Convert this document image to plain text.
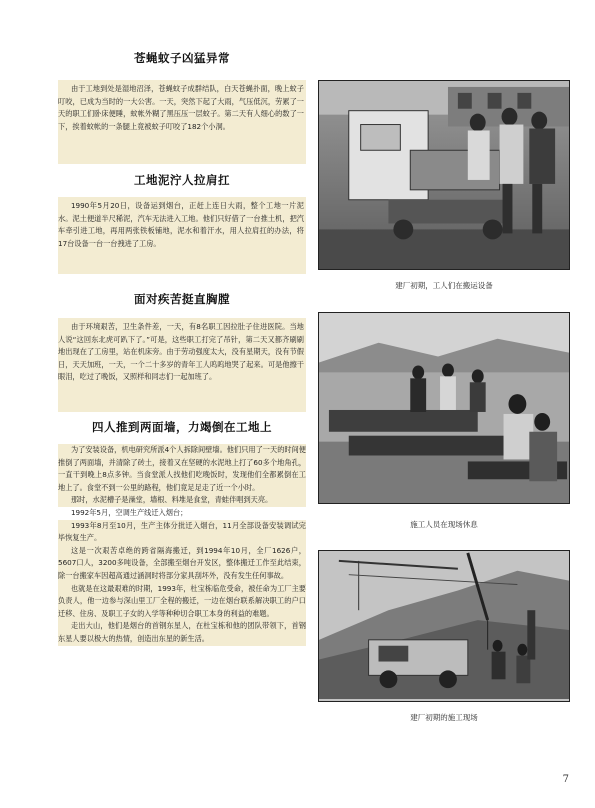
苍蝇蚊子凶猛异常

由于工地到处是湿地沼泽，苍蝇蚊子成群结队，白天苍蝇扑面，晚上蚊子叮咬，已成为当时的一大公害。一天，突然下起了大雨，气压低沉，劳累了一天的职工们卧床便睡，蚊帐外糊了黑压压一层蚊子。第二天有人细心的数了一下，挨着蚊帐的一条腿上竟被蚊子叮咬了182个小洞。

工地泥泞人拉肩扛

1990年5月20日，设备运到烟台，正赶上连日大雨，整个工地一片泥水。泥土便道半尺稀泥，汽车无法进入工地。他们只好借了一台推土机，把汽车牵引进工地，再用两张铁板铺地，泥水和着汗水，用人拉肩扛的办法，将17台设备一台一台拽进了工房。

面对疾苦挺直胸膛

由于环境艰苦，卫生条件差，一天，有8名职工因拉肚子住进医院。当地人说“这回东北虎可趴下了。”可是，这些职工打完了吊针，第二天又都齐刷刷地出现在了工房里，站在机床旁。由于劳动强度太大，没有星期天，没有节假日，天天加班，一天，一个二十多岁的青年工人呜呜地哭了起来。可是他擦干眼泪，吃过了晚饭，又照样和同志们一起加班了。

四人推到两面墙，力竭倒在工地上

为了安装设备，机电研究所派4个人拆除间壁墙。他们只用了一天的时间便推倒了两面墙，并清除了砖土，接着又在坚硬的水泥地上打了60多个地角孔，一直干到晚上8点多钟。当食堂派人找他们吃晚饭时，发现他们全都累倒在工地上了。食堂不到一公里的路程，他们竟足足走了近一个小时。

那时，水泥槽子是澡堂，墙根、料堆是食堂，青蛙伴唱到天亮。

1992年5月，空调生产线迁入烟台；

1993年8月至10月，生产主体分批迁入烟台，11月全部设备安装调试完毕恢复生产。

这是一次艰苦卓绝的跨省隔海搬迁，到1994年10月，全厂1626户，5607口人，3200多吨设备，全部搬至烟台开发区，整体搬迁工作至此结束，除一台搬家车因超高通过涵洞时将部分家具刮坏外，没有发生任何事故。

也就是在这最艰难的时期，1993年，杜宝栋临危受命，被任命为工厂主要负责人，他一边参与深山里工厂全程的搬迁，一边在烟台联系解决职工的户口迁移、住房、及职工子女的入学等种种切合职工本身的利益的难题。

走出大山，他们是烟台的首钢东星人，在杜宝栋和他的团队带领下，首钢东星人要以极大的热情，创造出东星的新生活。

建厂初期，工人们在搬运设备
施工人员在现场休息
建厂初期的施工现场
7
